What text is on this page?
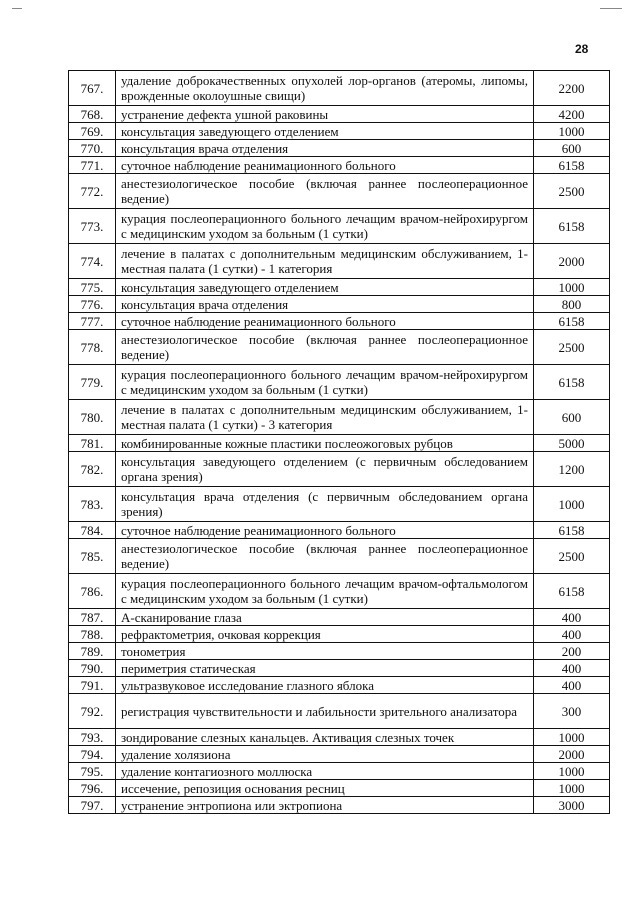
28
767.	удаление доброкачественных опухолей лор-органов (атеромы, липомы, врожденные околоушные свищи)	2200
768.	устранение дефекта ушной раковины	4200
769.	консультация заведующего отделением	1000
770.	консультация врача отделения	600
771.	суточное наблюдение реанимационного больного	6158
772.	анестезиологическое пособие (включая раннее послеоперационное ведение)	2500
773.	курация послеоперационного больного лечащим врачом-нейрохирургом с медицинским уходом за больным (1 сутки)	6158
774.	лечение в палатах с дополнительным медицинским обслуживанием, 1-местная палата (1 сутки) - 1 категория	2000
775.	консультация заведующего отделением	1000
776.	консультация врача отделения	800
777.	суточное наблюдение реанимационного больного	6158
778.	анестезиологическое пособие (включая раннее послеоперационное ведение)	2500
779.	курация послеоперационного больного лечащим врачом-нейрохирургом с медицинским уходом за больным (1 сутки)	6158
780.	лечение в палатах с дополнительным медицинским обслуживанием, 1-местная палата (1 сутки) - 3 категория	600
781.	комбинированные кожные пластики послеожоговых рубцов	5000
782.	консультация заведующего отделением (с первичным обследованием органа зрения)	1200
783.	консультация врача отделения (с первичным обследованием органа зрения)	1000
784.	суточное наблюдение реанимационного больного	6158
785.	анестезиологическое пособие (включая раннее послеоперационное ведение)	2500
786.	курация послеоперационного больного лечащим врачом-офтальмологом с медицинским уходом за больным (1 сутки)	6158
787.	А-сканирование глаза	400
788.	рефрактометрия, очковая коррекция	400
789.	тонометрия	200
790.	периметрия статическая	400
791.	ультразвуковое исследование глазного яблока	400
792.	регистрация чувствительности и лабильности зрительного анализатора	300
793.	зондирование слезных канальцев. Активация слезных точек	1000
794.	удаление холязиона	2000
795.	удаление контагиозного моллюска	1000
796.	иссечение, репозиция основания ресниц	1000
797.	устранение энтропиона или эктропиона	3000
